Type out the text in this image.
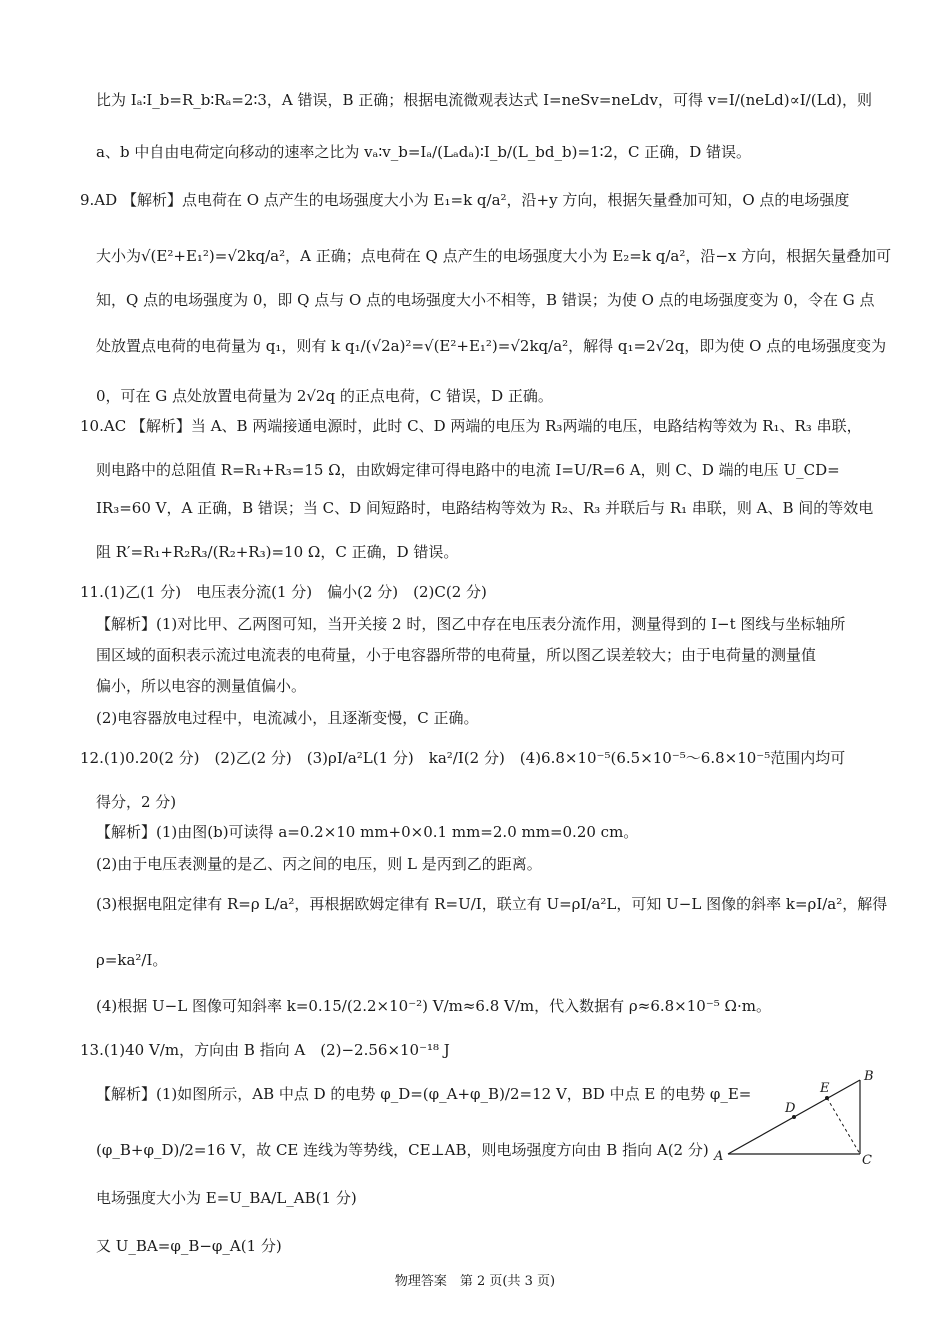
比为 Iₐ∶I_b=R_b∶Rₐ=2∶3，A 错误，B 正确；根据电流微观表达式 I=neSv=neLdv，可得 v=I/(neLd)∝I/(Ld)，则
a、b 中自由电荷定向移动的速率之比为 vₐ∶v_b=Iₐ/(Lₐdₐ)∶I_b/(L_bd_b)=1∶2，C 正确，D 错误。
9.AD 【解析】点电荷在 O 点产生的电场强度大小为 E₁=k q/a²，沿+y 方向，根据矢量叠加可知，O 点的电场强度
大小为√(E²+E₁²)=√2kq/a²，A 正确；点电荷在 Q 点产生的电场强度大小为 E₂=k q/a²，沿−x 方向，根据矢量叠加可
知，Q 点的电场强度为 0，即 Q 点与 O 点的电场强度大小不相等，B 错误；为使 O 点的电场强度变为 0，令在 G 点
处放置点电荷的电荷量为 q₁，则有 k q₁/(√2a)²=√(E²+E₁²)=√2kq/a²，解得 q₁=2√2q，即为使 O 点的电场强度变为
0，可在 G 点处放置电荷量为 2√2q 的正点电荷，C 错误，D 正确。
10.AC 【解析】当 A、B 两端接通电源时，此时 C、D 两端的电压为 R₃两端的电压，电路结构等效为 R₁、R₃ 串联，
则电路中的总阻值 R=R₁+R₃=15 Ω，由欧姆定律可得电路中的电流 I=U/R=6 A，则 C、D 端的电压 U_CD=
IR₃=60 V，A 正确，B 错误；当 C、D 间短路时，电路结构等效为 R₂、R₃ 并联后与 R₁ 串联，则 A、B 间的等效电
阻 R′=R₁+R₂R₃/(R₂+R₃)=10 Ω，C 正确，D 错误。
11.(1)乙(1 分)　电压表分流(1 分)　偏小(2 分)　(2)C(2 分)
【解析】(1)对比甲、乙两图可知，当开关接 2 时，图乙中存在电压表分流作用，测量得到的 I−t 图线与坐标轴所
围区域的面积表示流过电流表的电荷量，小于电容器所带的电荷量，所以图乙误差较大；由于电荷量的测量值
偏小，所以电容的测量值偏小。
(2)电容器放电过程中，电流减小，且逐渐变慢，C 正确。
12.(1)0.20(2 分)　(2)乙(2 分)　(3)ρI/a²L(1 分)　ka²/I(2 分)　(4)6.8×10⁻⁵(6.5×10⁻⁵～6.8×10⁻⁵范围内均可
得分，2 分)
【解析】(1)由图(b)可读得 a=0.2×10 mm+0×0.1 mm=2.0 mm=0.20 cm。
(2)由于电压表测量的是乙、丙之间的电压，则 L 是丙到乙的距离。
(3)根据电阻定律有 R=ρ L/a²，再根据欧姆定律有 R=U/I，联立有 U=ρI/a²L，可知 U−L 图像的斜率 k=ρI/a²，解得
ρ=ka²/I。
(4)根据 U−L 图像可知斜率 k=0.15/(2.2×10⁻²) V/m≈6.8 V/m，代入数据有 ρ≈6.8×10⁻⁵ Ω·m。
13.(1)40 V/m，方向由 B 指向 A　(2)−2.56×10⁻¹⁸ J
【解析】(1)如图所示，AB 中点 D 的电势 φ_D=(φ_A+φ_B)/2=12 V，BD 中点 E 的电势 φ_E=
(φ_B+φ_D)/2=16 V，故 CE 连线为等势线，CE⊥AB，则电场强度方向由 B 指向 A(2 分)
电场强度大小为 E=U_BA/L_AB(1 分)
又 U_BA=φ_B−φ_A(1 分)
A
B
C
D
E
物理答案　第 2 页(共 3 页)
